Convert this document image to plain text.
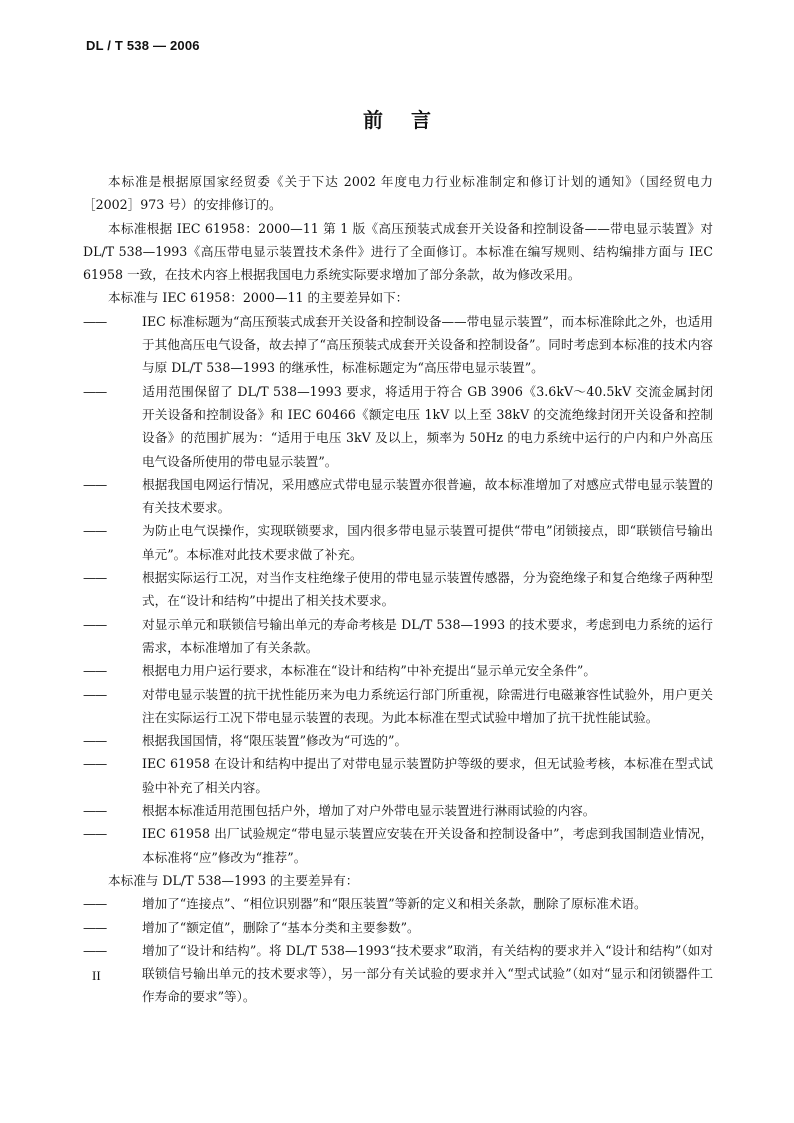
DL / T 538 — 2006
前言

本标准是根据原国家经贸委《关于下达 2002 年度电力行业标准制定和修订计划的通知》（国经贸电力［2002］973 号）的安排修订的。

本标准根据 IEC 61958：2000—11 第 1 版《高压预装式成套开关设备和控制设备——带电显示装置》对 DL/T 538—1993《高压带电显示装置技术条件》进行了全面修订。本标准在编写规则、结构编排方面与 IEC 61958 一致，在技术内容上根据我国电力系统实际要求增加了部分条款，故为修改采用。

本标准与 IEC 61958：2000—11 的主要差异如下：

——	IEC 标准标题为“高压预装式成套开关设备和控制设备——带电显示装置”，而本标准除此之外，也适用于其他高压电气设备，故去掉了“高压预装式成套开关设备和控制设备”。同时考虑到本标准的技术内容与原 DL/T 538—1993 的继承性，标准标题定为“高压带电显示装置”。

——	适用范围保留了 DL/T 538—1993 要求，将适用于符合 GB 3906《3.6kV～40.5kV 交流金属封闭开关设备和控制设备》和 IEC 60466《额定电压 1kV 以上至 38kV 的交流绝缘封闭开关设备和控制设备》的范围扩展为：“适用于电压 3kV 及以上，频率为 50Hz 的电力系统中运行的户内和户外高压电气设备所使用的带电显示装置”。

——	根据我国电网运行情况，采用感应式带电显示装置亦很普遍，故本标准增加了对感应式带电显示装置的有关技术要求。

——	为防止电气误操作，实现联锁要求，国内很多带电显示装置可提供“带电”闭锁接点，即“联锁信号输出单元”。本标准对此技术要求做了补充。

——	根据实际运行工况，对当作支柱绝缘子使用的带电显示装置传感器，分为瓷绝缘子和复合绝缘子两种型式，在“设计和结构”中提出了相关技术要求。

——	对显示单元和联锁信号输出单元的寿命考核是 DL/T 538—1993 的技术要求，考虑到电力系统的运行需求，本标准增加了有关条款。

——	根据电力用户运行要求，本标准在“设计和结构”中补充提出“显示单元安全条件”。

——	对带电显示装置的抗干扰性能历来为电力系统运行部门所重视，除需进行电磁兼容性试验外，用户更关注在实际运行工况下带电显示装置的表现。为此本标准在型式试验中增加了抗干扰性能试验。

——	根据我国国情，将“限压装置”修改为“可选的”。

——	IEC 61958 在设计和结构中提出了对带电显示装置防护等级的要求，但无试验考核，本标准在型式试验中补充了相关内容。

——	根据本标准适用范围包括户外，增加了对户外带电显示装置进行淋雨试验的内容。

——	IEC 61958 出厂试验规定“带电显示装置应安装在开关设备和控制设备中”，考虑到我国制造业情况，本标准将“应”修改为“推荐”。

本标准与 DL/T 538—1993 的主要差异有：

——	增加了“连接点”、“相位识别器”和“限压装置”等新的定义和相关条款，删除了原标准术语。

——	增加了“额定值”，删除了“基本分类和主要参数”。

——	增加了“设计和结构”。将 DL/T 538—1993“技术要求”取消，有关结构的要求并入“设计和结构”（如对联锁信号输出单元的技术要求等），另一部分有关试验的要求并入“型式试验”（如对“显示和闭锁器件工作寿命的要求”等）。

II
